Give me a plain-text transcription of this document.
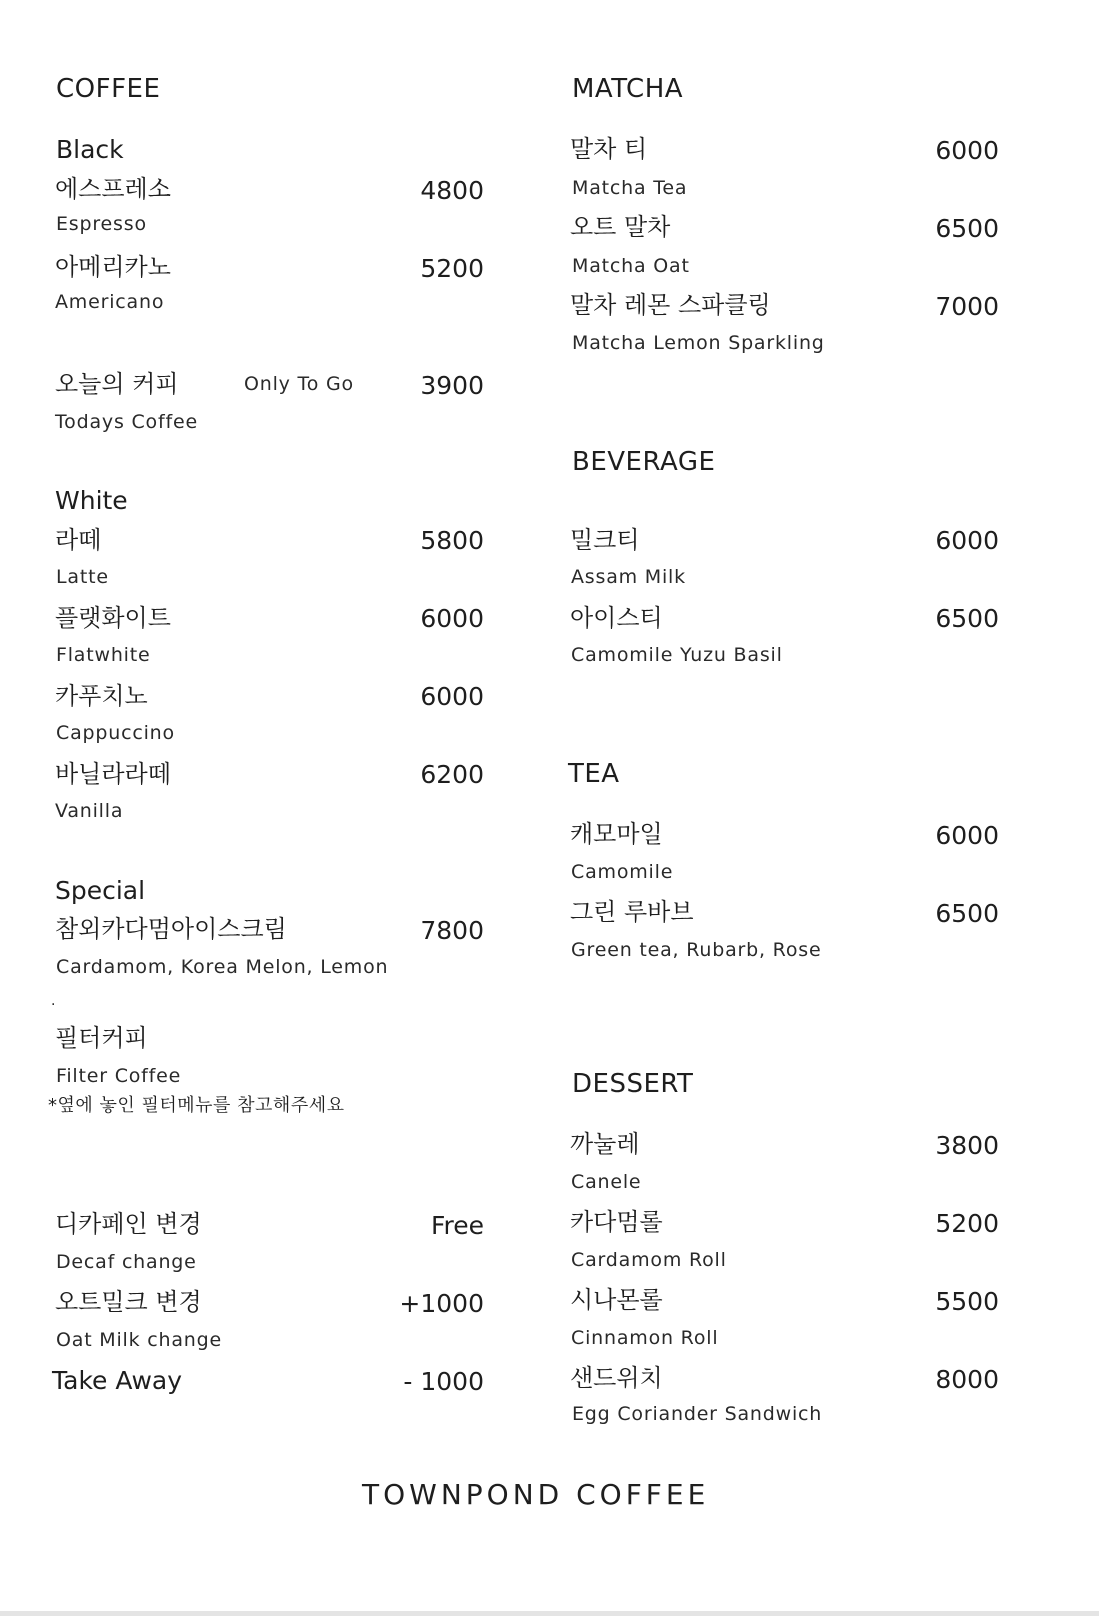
COFFEE
Black
에스프레소	4800
Espresso
아메리카노	5200
Americano
오늘의 커피	Only To Go	3900
Todays Coffee
White
라떼	5800
Latte
플랫화이트	6000
Flatwhite
카푸치노	6000
Cappuccino
바닐라라떼	6200
Vanilla
Special
참외카다멈아이스크림	7800
Cardamom, Korea Melon, Lemon
.
필터커피
Filter Coffee
*옆에 놓인 필터메뉴를 참고해주세요
디카페인 변경	Free
Decaf change
오트밀크 변경	+1000
Oat Milk change
Take Away	- 1000
MATCHA
말차 티	6000
Matcha Tea
오트 말차	6500
Matcha Oat
말차 레몬 스파클링	7000
Matcha Lemon Sparkling
BEVERAGE
밀크티	6000
Assam Milk
아이스티	6500
Camomile Yuzu Basil
TEA
캐모마일	6000
Camomile
그린 루바브	6500
Green tea, Rubarb, Rose
DESSERT
까눌레	3800
Canele
카다멈롤	5200
Cardamom Roll
시나몬롤	5500
Cinnamon Roll
샌드위치	8000
Egg Coriander Sandwich
TOWNPOND COFFEE
